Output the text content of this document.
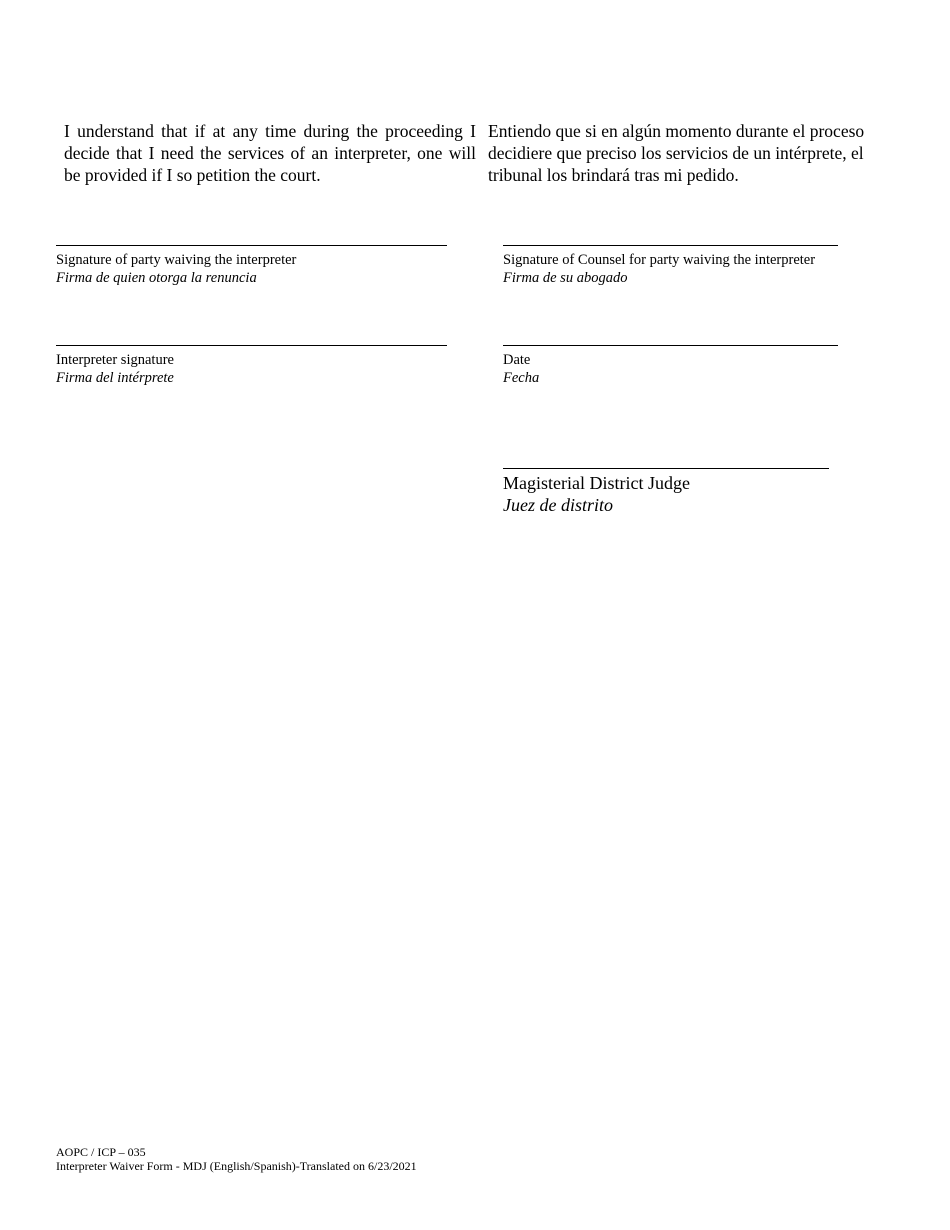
I understand that if at any time during the proceeding I decide that I need the services of an interpreter, one will be provided if I so petition the court.

Entiendo que si en algún momento durante el proceso decidiere que preciso los servicios de un intérprete, el tribunal los brindará tras mi pedido.

Signature of party waiving the interpreter
Firma de quien otorga la renuncia
Signature of Counsel for party waiving the interpreter
Firma de su abogado
Interpreter signature
Firma del intérprete
Date
Fecha
Magisterial District Judge
Juez de distrito
AOPC / ICP – 035
Interpreter Waiver Form - MDJ (English/Spanish)-Translated on 6/23/2021
